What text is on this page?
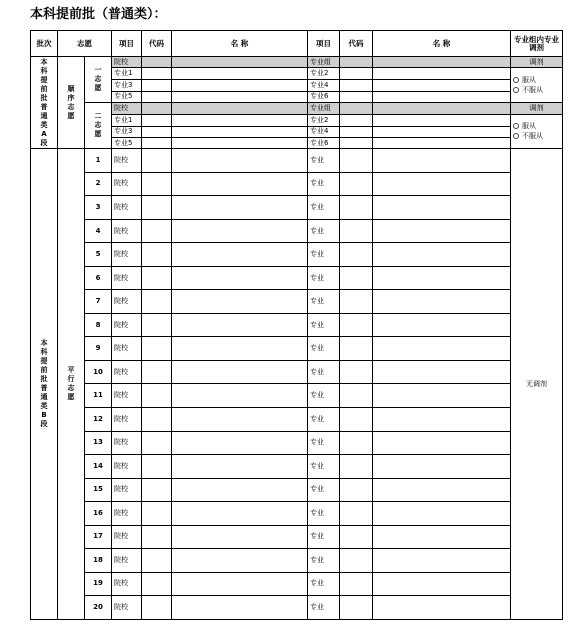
本科提前批（普通类）：
批次	志愿		项目	代码	名 称	项目	代码	名 称	专业组内专业调剂
本科提前批普通类A段	顺序志愿	一志愿	院校			专业组			调剂
			专业1			专业2			服从
不服从

			专业3			专业4			
			专业5			专业6			
		二志愿	院校			专业组			调剂
			专业1			专业2			服从
不服从

			专业3			专业4			
			专业5			专业6			
本科提前批普通类B段	平行志愿	1	院校			专业			无调剂
		2	院校			专业			
		3	院校			专业			
		4	院校			专业			
		5	院校			专业			
		6	院校			专业			
		7	院校			专业			
		8	院校			专业			
		9	院校			专业			
		10	院校			专业			
		11	院校			专业			
		12	院校			专业			
		13	院校			专业			
		14	院校			专业			
		15	院校			专业			
		16	院校			专业			
		17	院校			专业			
		18	院校			专业			
		19	院校			专业			
		20	院校			专业			
